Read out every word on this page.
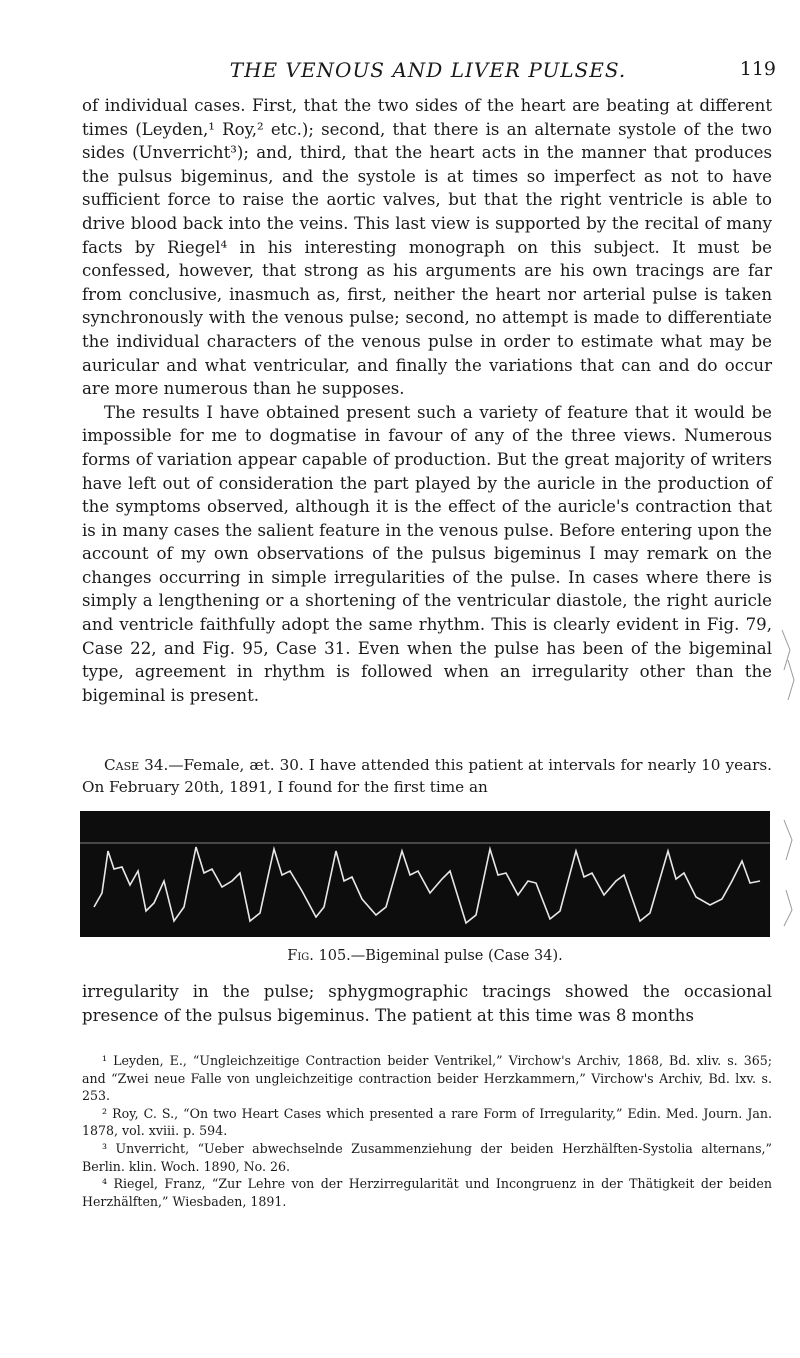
THE VENOUS AND LIVER PULSES.	119

of individual cases. First, that the two sides of the heart are beating at different times (Leyden,¹ Roy,² etc.); second, that there is an alternate systole of the two sides (Unverricht³); and, third, that the heart acts in the manner that produces the pulsus bigeminus, and the systole is at times so imperfect as not to have sufficient force to raise the aortic valves, but that the right ventricle is able to drive blood back into the veins. This last view is supported by the recital of many facts by Riegel⁴ in his interesting monograph on this subject. It must be confessed, however, that strong as his arguments are his own tracings are far from conclusive, inasmuch as, first, neither the heart nor arterial pulse is taken synchronously with the venous pulse; second, no attempt is made to differentiate the individual characters of the venous pulse in order to estimate what may be auricular and what ventricular, and finally the variations that can and do occur are more numerous than he supposes.

The results I have obtained present such a variety of feature that it would be impossible for me to dogmatise in favour of any of the three views. Numerous forms of variation appear capable of production. But the great majority of writers have left out of consideration the part played by the auricle in the production of the symptoms observed, although it is the effect of the auricle's contraction that is in many cases the salient feature in the venous pulse. Before entering upon the account of my own observations of the pulsus bigeminus I may remark on the changes occurring in simple irregularities of the pulse. In cases where there is simply a lengthening or a shortening of the ventricular diastole, the right auricle and ventricle faithfully adopt the same rhythm. This is clearly evident in Fig. 79, Case 22, and Fig. 95, Case 31. Even when the pulse has been of the bigeminal type, agreement in rhythm is followed when an irregularity other than the bigeminal is present.

Case 34.—Female, æt. 30. I have attended this patient at intervals for nearly 10 years. On February 20th, 1891, I found for the first time an
Fig. 105.—Bigeminal pulse (Case 34).
irregularity in the pulse; sphygmographic tracings showed the occasional presence of the pulsus bigeminus. The patient at this time was 8 months

¹ Leyden, E., “Ungleichzeitige Contraction beider Ventrikel,” Virchow's Archiv, 1868, Bd. xliv. s. 365; and “Zwei neue Falle von ungleichzeitige contraction beider Herzkammern,” Virchow's Archiv, Bd. lxv. s. 253.

² Roy, C. S., “On two Heart Cases which presented a rare Form of Irregularity,” Edin. Med. Journ. Jan. 1878, vol. xviii. p. 594.

³ Unverricht, “Ueber abwechselnde Zusammenziehung der beiden Herzhälften-Systolia alternans,” Berlin. klin. Woch. 1890, No. 26.

⁴ Riegel, Franz, “Zur Lehre von der Herzirregularität und Incongruenz in der Thätigkeit der beiden Herzhälften,” Wiesbaden, 1891.
